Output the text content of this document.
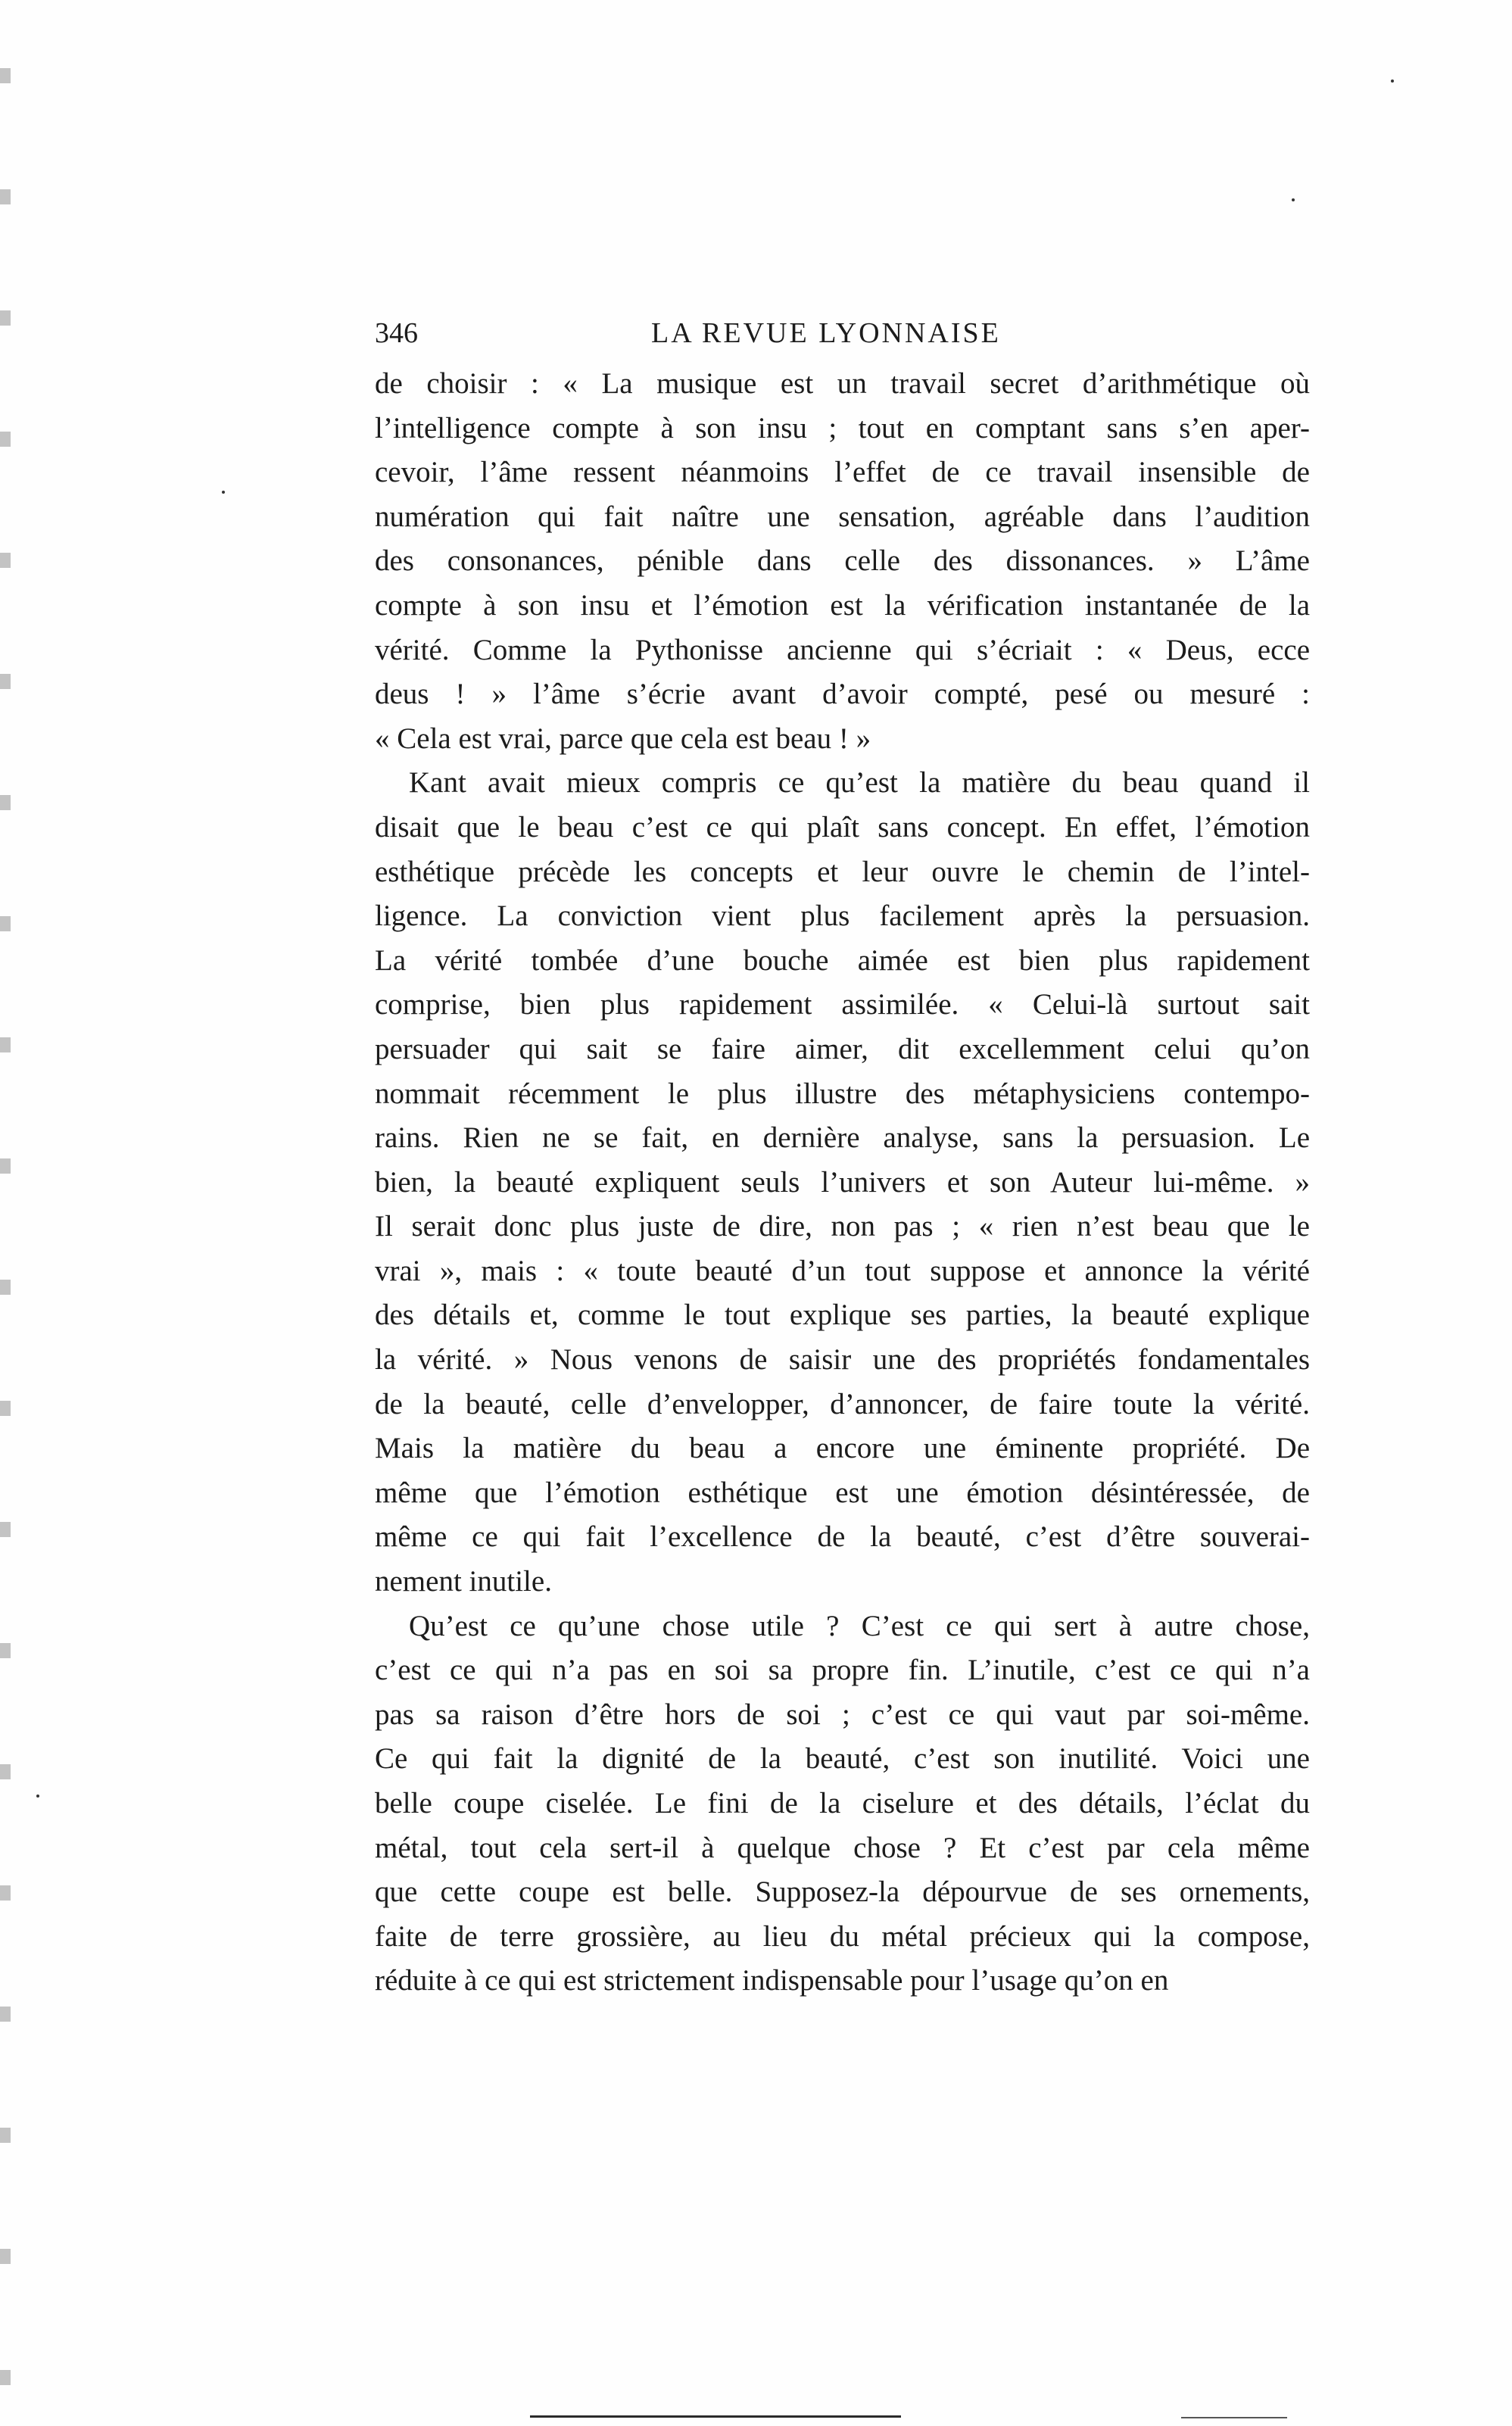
346	LA REVUE LYONNAISE

de choisir : « La musique est un travail secret d’arithmétique où
l’intelligence compte à son insu ; tout en comptant sans s’en aper-
cevoir, l’âme ressent néanmoins l’effet de ce travail insensible de
numération qui fait naître une sensation, agréable dans l’audition
des consonances, pénible dans celle des dissonances. » L’âme
compte à son insu et l’émotion est la vérification instantanée de la
vérité. Comme la Pythonisse ancienne qui s’écriait : « Deus, ecce
deus ! » l’âme s’écrie avant d’avoir compté, pesé ou mesuré :
« Cela est vrai, parce que cela est beau ! »

Kant avait mieux compris ce qu’est la matière du beau quand il
disait que le beau c’est ce qui plaît sans concept. En effet, l’émotion
esthétique précède les concepts et leur ouvre le chemin de l’intel-
ligence. La conviction vient plus facilement après la persuasion.
La vérité tombée d’une bouche aimée est bien plus rapidement
comprise, bien plus rapidement assimilée. « Celui-là surtout sait
persuader qui sait se faire aimer, dit excellemment celui qu’on
nommait récemment le plus illustre des métaphysiciens contempo-
rains. Rien ne se fait, en dernière analyse, sans la persuasion. Le
bien, la beauté expliquent seuls l’univers et son Auteur lui-même. »
Il serait donc plus juste de dire, non pas ; « rien n’est beau que le
vrai », mais : « toute beauté d’un tout suppose et annonce la vérité
des détails et, comme le tout explique ses parties, la beauté explique
la vérité. » Nous venons de saisir une des propriétés fondamentales
de la beauté, celle d’envelopper, d’annoncer, de faire toute la vérité.
Mais la matière du beau a encore une éminente propriété. De
même que l’émotion esthétique est une émotion désintéressée, de
même ce qui fait l’excellence de la beauté, c’est d’être souverai-
nement inutile.

Qu’est ce qu’une chose utile ? C’est ce qui sert à autre chose,
c’est ce qui n’a pas en soi sa propre fin. L’inutile, c’est ce qui n’a
pas sa raison d’être hors de soi ; c’est ce qui vaut par soi-même.
Ce qui fait la dignité de la beauté, c’est son inutilité. Voici une
belle coupe ciselée. Le fini de la ciselure et des détails, l’éclat du
métal, tout cela sert-il à quelque chose ? Et c’est par cela même
que cette coupe est belle. Supposez-la dépourvue de ses ornements,
faite de terre grossière, au lieu du métal précieux qui la compose,
réduite à ce qui est strictement indispensable pour l’usage qu’on en
